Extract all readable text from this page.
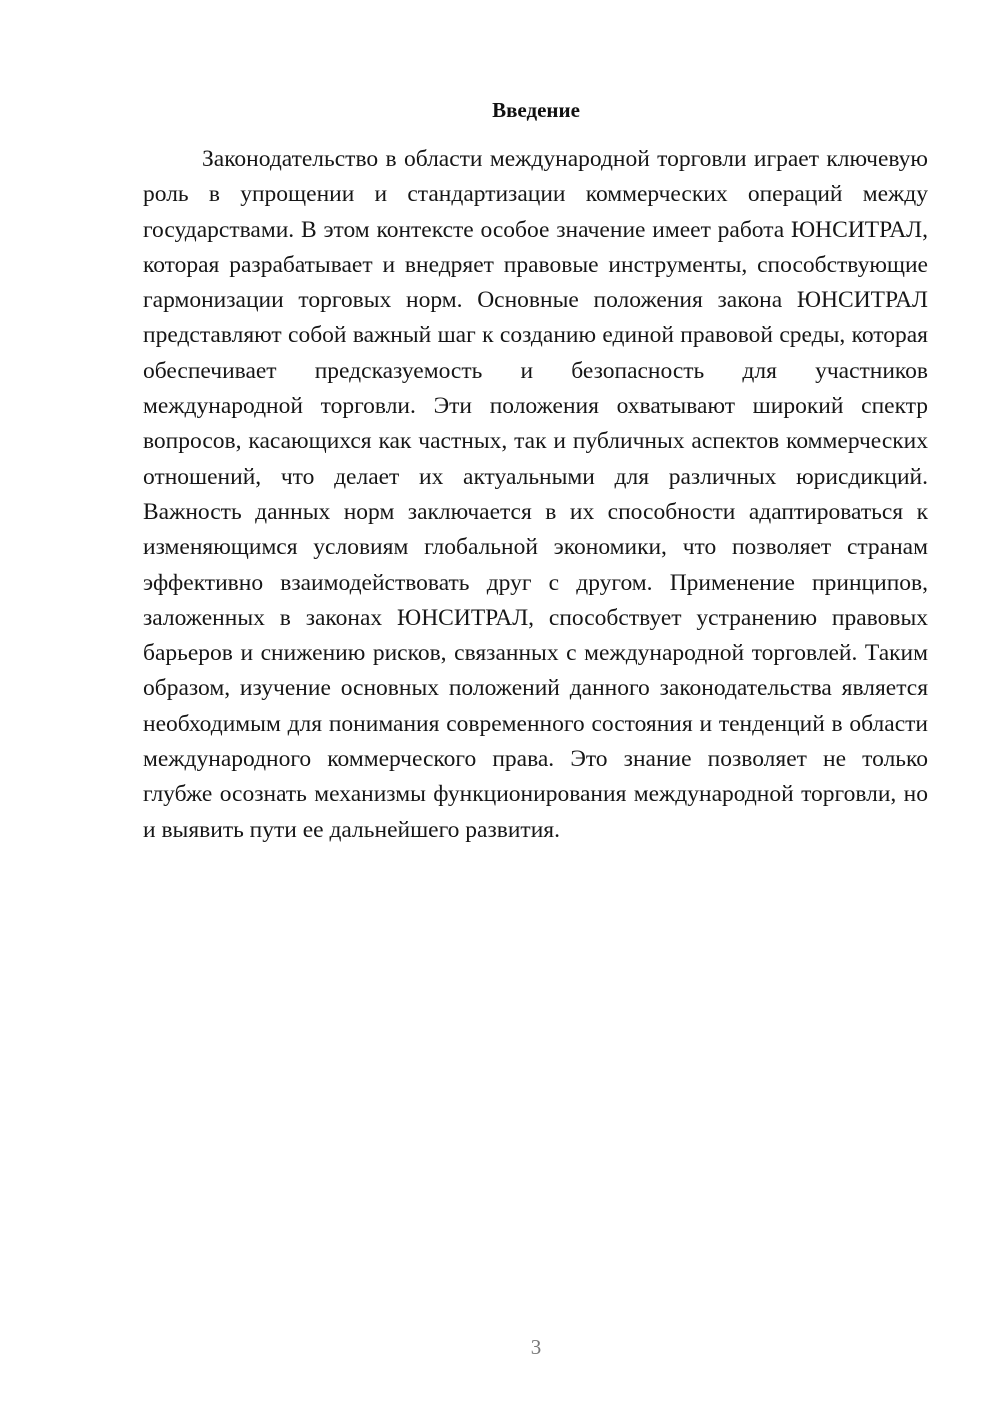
Введение

Законодательство в области международной торговли играет ключевую роль в упрощении и стандартизации коммерческих операций между государствами. В этом контексте особое значение имеет работа ЮНСИТРАЛ, которая разрабатывает и внедряет правовые инструменты, способствующие гармонизации торговых норм. Основные положения закона ЮНСИТРАЛ представляют собой важный шаг к созданию единой правовой среды, которая обеспечивает предсказуемость и безопасность для участников международной торговли. Эти положения охватывают широкий спектр вопросов, касающихся как частных, так и публичных аспектов коммерческих отношений, что делает их актуальными для различных юрисдикций. Важность данных норм заключается в их способности адаптироваться к изменяющимся условиям глобальной экономики, что позволяет странам эффективно взаимодействовать друг с другом. Применение принципов, заложенных в законах ЮНСИТРАЛ, способствует устранению правовых барьеров и снижению рисков, связанных с международной торговлей. Таким образом, изучение основных положений данного законодательства является необходимым для понимания современного состояния и тенденций в области международного коммерческого права. Это знание позволяет не только глубже осознать механизмы функционирования международной торговли, но и выявить пути ее дальнейшего развития.

3
